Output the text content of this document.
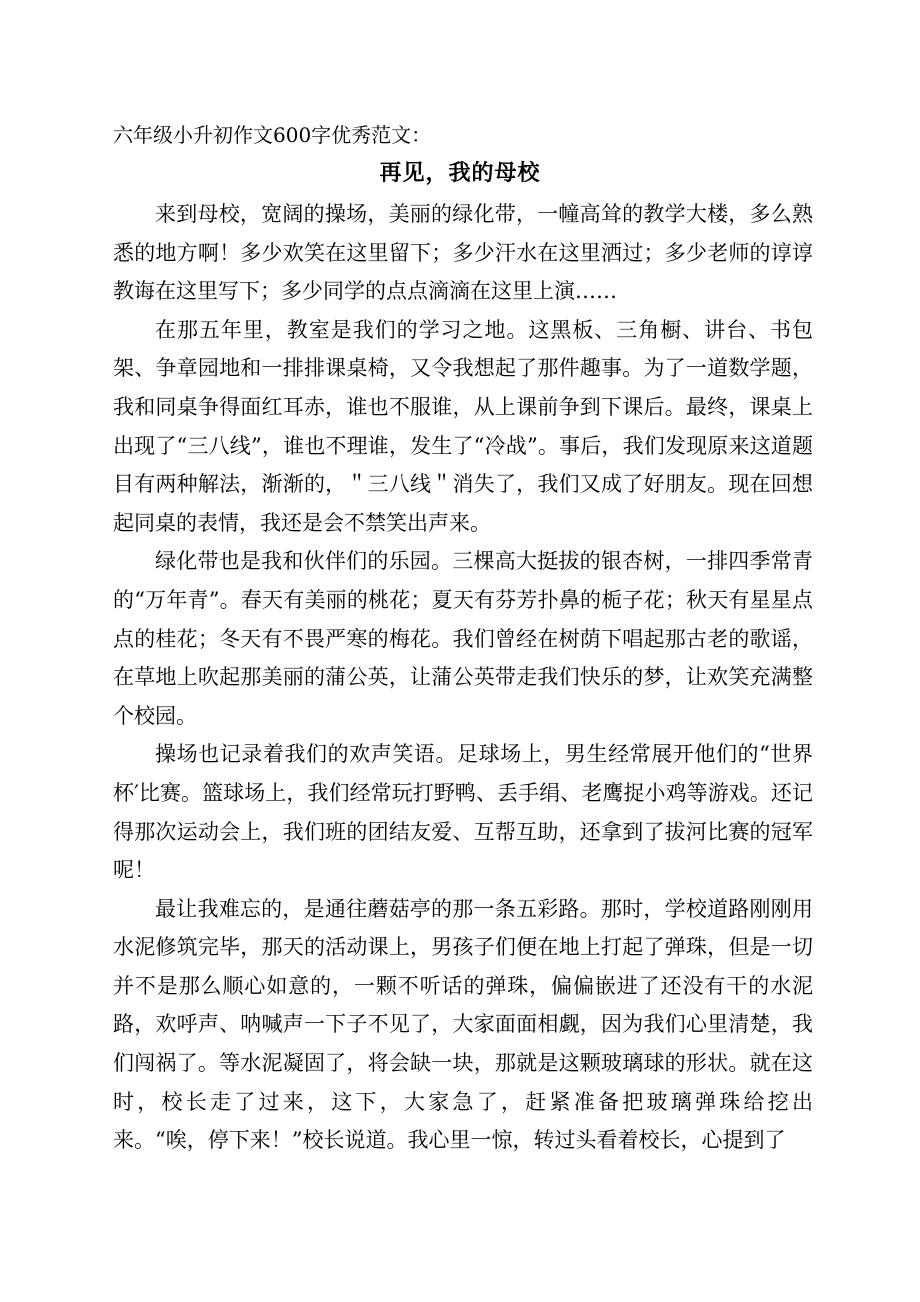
六年级小升初作文600字优秀范文：
再见，我的母校

来到母校，宽阔的操场，美丽的绿化带，一幢高耸的教学大楼，多么熟悉的地方啊！多少欢笑在这里留下；多少汗水在这里洒过；多少老师的谆谆教诲在这里写下；多少同学的点点滴滴在这里上演……

在那五年里，教室是我们的学习之地。这黑板、三角橱、讲台、书包架、争章园地和一排排课桌椅，又令我想起了那件趣事。为了一道数学题，我和同桌争得面红耳赤，谁也不服谁，从上课前争到下课后。最终，课桌上出现了“三八线”，谁也不理谁，发生了“冷战”。事后，我们发现原来这道题目有两种解法，渐渐的，＂三八线＂消失了，我们又成了好朋友。现在回想起同桌的表情，我还是会不禁笑出声来。

绿化带也是我和伙伴们的乐园。三棵高大挺拔的银杏树，一排四季常青的“万年青”。春天有美丽的桃花；夏天有芬芳扑鼻的栀子花；秋天有星星点点的桂花；冬天有不畏严寒的梅花。我们曾经在树荫下唱起那古老的歌谣，在草地上吹起那美丽的蒲公英，让蒲公英带走我们快乐的梦，让欢笑充满整个校园。

操场也记录着我们的欢声笑语。足球场上，男生经常展开他们的“世界杯′比赛。篮球场上，我们经常玩打野鸭、丢手绢、老鹰捉小鸡等游戏。还记得那次运动会上，我们班的团结友爱、互帮互助，还拿到了拔河比赛的冠军呢！

最让我难忘的，是通往蘑菇亭的那一条五彩路。那时，学校道路刚刚用水泥修筑完毕，那天的活动课上，男孩子们便在地上打起了弹珠，但是一切并不是那么顺心如意的，一颗不听话的弹珠，偏偏嵌进了还没有干的水泥路，欢呼声、呐喊声一下子不见了，大家面面相觑，因为我们心里清楚，我们闯祸了。等水泥凝固了，将会缺一块，那就是这颗玻璃球的形状。就在这时，校长走了过来，这下，大家急了，赶紧准备把玻璃弹珠给挖出来。“唉，停下来！”校长说道。我心里一惊，转过头看着校长，心提到了
